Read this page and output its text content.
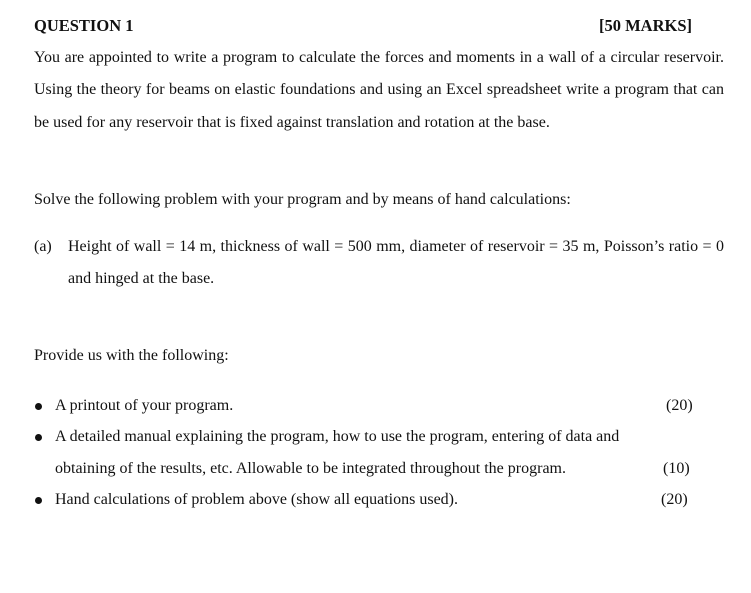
QUESTION 1	[50 MARKS]
You are appointed to write a program to calculate the forces and moments in a wall of a circular reservoir. Using the theory for beams on elastic foundations and using an Excel spreadsheet write a program that can be used for any reservoir that is fixed against translation and rotation at the base.
Solve the following problem with your program and by means of hand calculations:
(a) Height of wall = 14 m, thickness of wall = 500 mm, diameter of reservoir = 35 m, Poisson’s ratio = 0 and hinged at the base.
Provide us with the following:
A printout of your program.	(20)
A detailed manual explaining the program, how to use the program, entering of data and
obtaining of the results, etc. Allowable to be integrated throughout the program.	(10)
Hand calculations of problem above (show all equations used).	(20)
